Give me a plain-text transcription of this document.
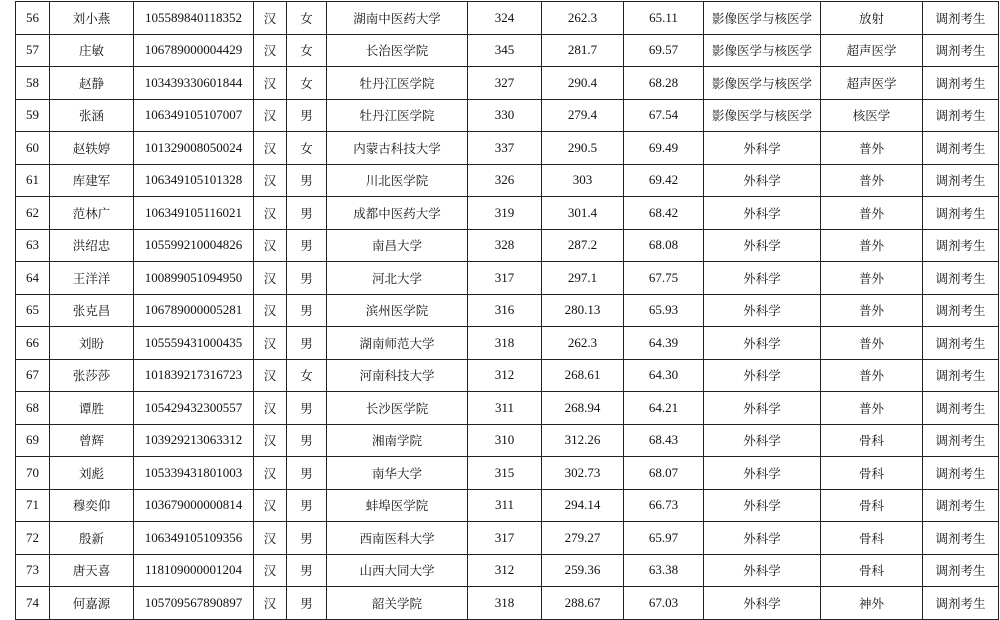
56	刘小燕	105589840118352	汉	女	湖南中医药大学	324	262.3	65.11	影像医学与核医学	放射	调剂考生
57	庄敏	106789000004429	汉	女	长治医学院	345	281.7	69.57	影像医学与核医学	超声医学	调剂考生
58	赵静	103439330601844	汉	女	牡丹江医学院	327	290.4	68.28	影像医学与核医学	超声医学	调剂考生
59	张涵	106349105107007	汉	男	牡丹江医学院	330	279.4	67.54	影像医学与核医学	核医学	调剂考生
60	赵轶婷	101329008050024	汉	女	内蒙古科技大学	337	290.5	69.49	外科学	普外	调剂考生
61	库建军	106349105101328	汉	男	川北医学院	326	303	69.42	外科学	普外	调剂考生
62	范林广	106349105116021	汉	男	成都中医药大学	319	301.4	68.42	外科学	普外	调剂考生
63	洪绍忠	105599210004826	汉	男	南昌大学	328	287.2	68.08	外科学	普外	调剂考生
64	王洋洋	100899051094950	汉	男	河北大学	317	297.1	67.75	外科学	普外	调剂考生
65	张克昌	106789000005281	汉	男	滨州医学院	316	280.13	65.93	外科学	普外	调剂考生
66	刘盼	105559431000435	汉	男	湖南师范大学	318	262.3	64.39	外科学	普外	调剂考生
67	张莎莎	101839217316723	汉	女	河南科技大学	312	268.61	64.30	外科学	普外	调剂考生
68	谭胜	105429432300557	汉	男	长沙医学院	311	268.94	64.21	外科学	普外	调剂考生
69	曾辉	103929213063312	汉	男	湘南学院	310	312.26	68.43	外科学	骨科	调剂考生
70	刘彪	105339431801003	汉	男	南华大学	315	302.73	68.07	外科学	骨科	调剂考生
71	穆奕仰	103679000000814	汉	男	蚌埠医学院	311	294.14	66.73	外科学	骨科	调剂考生
72	殷新	106349105109356	汉	男	西南医科大学	317	279.27	65.97	外科学	骨科	调剂考生
73	唐天喜	118109000001204	汉	男	山西大同大学	312	259.36	63.38	外科学	骨科	调剂考生
74	何嘉源	105709567890897	汉	男	韶关学院	318	288.67	67.03	外科学	神外	调剂考生
